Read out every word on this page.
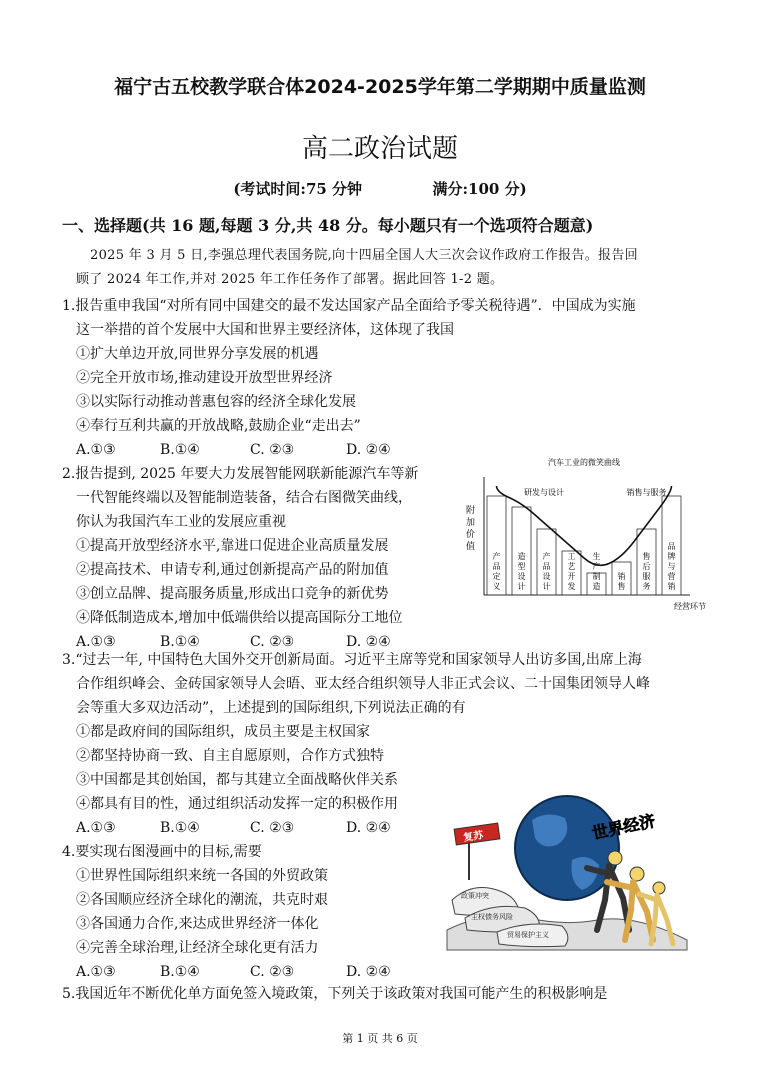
福宁古五校教学联合体2024-2025学年第二学期期中质量监测
高二政治试题
(考试时间:75 分钟	满分:100 分)
一、选择题(共 16 题,每题 3 分,共 48 分。每小题只有一个选项符合题意)
2025 年 3 月 5 日,李强总理代表国务院,向十四届全国人大三次会议作政府工作报告。报告回
顾了 2024 年工作,并对 2025 年工作任务作了部署。据此回答 1-2 题。
1.报告重申我国“对所有同中国建交的最不发达国家产品全面给予零关税待遇”．中国成为实施
这一举措的首个发展中大国和世界主要经济体，这体现了我国
①扩大单边开放,同世界分享发展的机遇
②完全开放市场,推动建设开放型世界经济
③以实际行动推动普惠包容的经济全球化发展
④奉行互利共赢的开放战略,鼓励企业“走出去”
A.①③	B.①④	C. ②③	D. ②④
2.报告提到, 2025 年要大力发展智能网联新能源汽车等新
一代智能终端以及智能制造装备，结合右图微笑曲线，
你认为我国汽车工业的发展应重视
①提高开放型经济水平,靠进口促进企业高质量发展
②提高技术、申请专利,通过创新提高产品的附加值
③创立品牌、提高服务质量,形成出口竞争的新优势
④降低制造成本,增加中低端供给以提高国际分工地位
A.①③	B.①④	C. ②③	D. ②④
汽车工业的微笑曲线
附
加
价
值
经营环节
产
品
定
义
造
型
设
计
产
品
设
计
工
艺
开
发
生
产
制
造
销
售
售
后
服
务
品
牌
与
营
销
研发与设计	销售与服务
3.“过去一年, 中国特色大国外交开创新局面。习近平主席等党和国家领导人出访多国,出席上海
合作组织峰会、金砖国家领导人会晤、亚太经合组织领导人非正式会议、二十国集团领导人峰
会等重大多双边活动”，上述提到的国际组织,下列说法正确的有
①都是政府间的国际组织，成员主要是主权国家
②都坚持协商一致、自主自愿原则，合作方式独特
③中国都是其创始国，都与其建立全面战略伙伴关系
④都具有目的性，通过组织活动发挥一定的积极作用
A.①③	B.①④	C. ②③	D. ②④
4.要实现右图漫画中的目标,需要
①世界性国际组织来统一各国的外贸政策
②各国顺应经济全球化的潮流，共克时艰
③各国通力合作,来达成世界经济一体化
④完善全球治理,让经济全球化更有活力
A.①③	B.①④	C. ②③	D. ②④
政策冲突
主权债务风险
贸易保护主义
世界经济
复苏
5.我国近年不断优化单方面免签入境政策，下列关于该政策对我国可能产生的积极影响是
第 1 页 共 6 页
